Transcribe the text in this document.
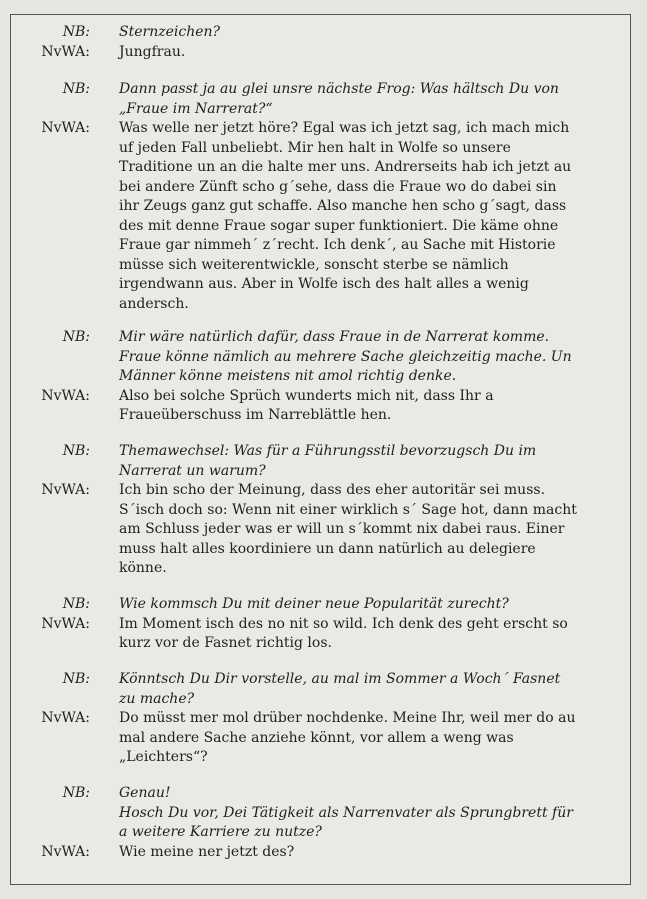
NB: Sternzeichen?
NvWA: Jungfrau.
NB: Dann passt ja au glei unsre nächste Frog: Was hältsch Du von
„Fraue im Narrerat?“
NvWA: Was welle ner jetzt höre? Egal was ich jetzt sag, ich mach mich
uf jeden Fall unbeliebt. Mir hen halt in Wolfe so unsere
Traditione un an die halte mer uns. Andrerseits hab ich jetzt au
bei andere Zünft scho g´sehe, dass die Fraue wo do dabei sin
ihr Zeugs ganz gut schaffe. Also manche hen scho g´sagt, dass
des mit denne Fraue sogar super funktioniert. Die käme ohne
Fraue gar nimmeh´ z´recht. Ich denk´, au Sache mit Historie
müsse sich weiterentwickle, sonscht sterbe se nämlich
irgendwann aus. Aber in Wolfe isch des halt alles a wenig
andersch.
NB: Mir wäre natürlich dafür, dass Fraue in de Narrerat komme.
Fraue könne nämlich au mehrere Sache gleichzeitig mache. Un
Männer könne meistens nit amol richtig denke.
NvWA: Also bei solche Sprüch wunderts mich nit, dass Ihr a
Fraueüberschuss im Narreblättle hen.
NB: Themawechsel: Was für a Führungsstil bevorzugsch Du im
Narrerat un warum?
NvWA: Ich bin scho der Meinung, dass des eher autoritär sei muss.
S´isch doch so: Wenn nit einer wirklich s´ Sage hot, dann macht
am Schluss jeder was er will un s´kommt nix dabei raus. Einer
muss halt alles koordiniere un dann natürlich au delegiere
könne.
NB: Wie kommsch Du mit deiner neue Popularität zurecht?
NvWA: Im Moment isch des no nit so wild. Ich denk des geht erscht so
kurz vor de Fasnet richtig los.
NB: Könntsch Du Dir vorstelle, au mal im Sommer a Woch´ Fasnet
zu mache?
NvWA: Do müsst mer mol drüber nochdenke. Meine Ihr, weil mer do au
mal andere Sache anziehe könnt, vor allem a weng was
„Leichters“?
NB: Genau!
Hosch Du vor, Dei Tätigkeit als Narrenvater als Sprungbrett für
a weitere Karriere zu nutze?
NvWA: Wie meine ner jetzt des?
